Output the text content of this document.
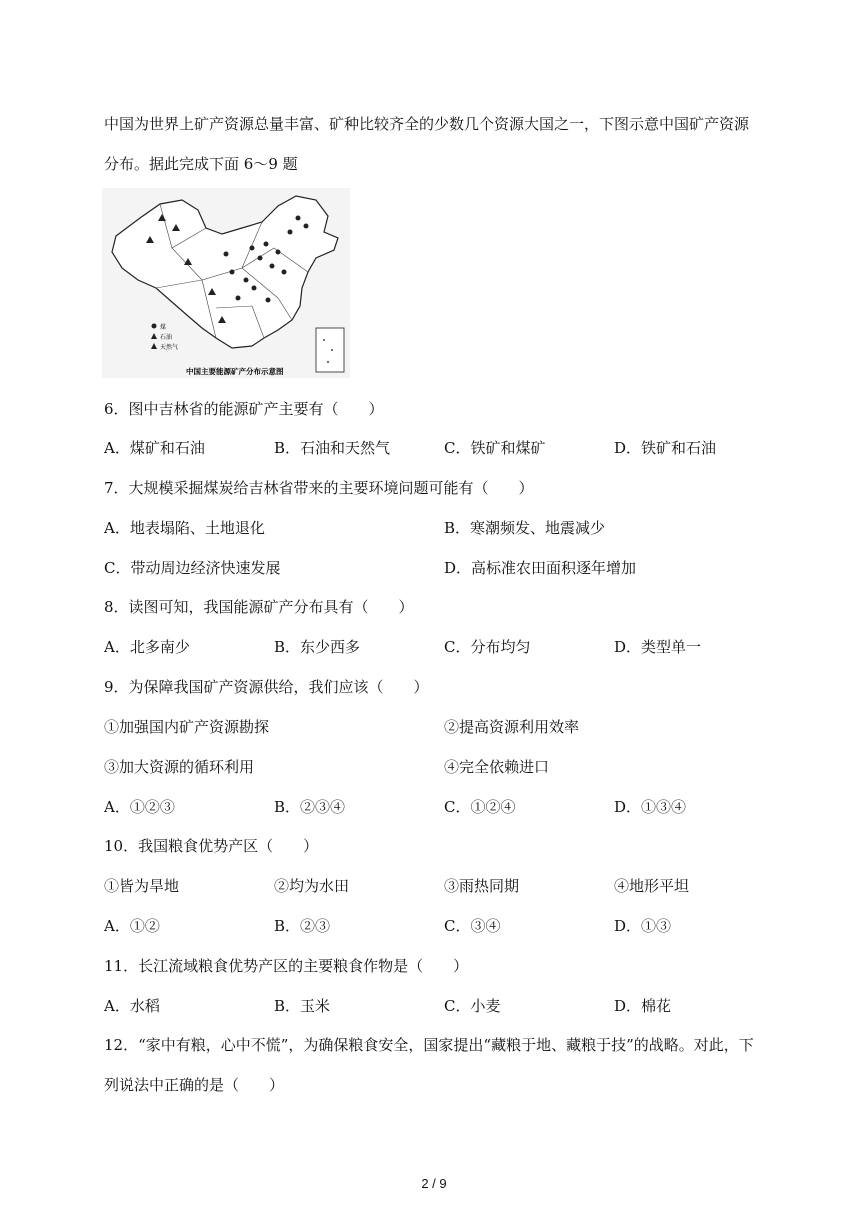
中国为世界上矿产资源总量丰富、矿种比较齐全的少数几个资源大国之一，下图示意中国矿产资源
分布。据此完成下面 6～9 题
煤
石油
天然气
中国主要能源矿产分布示意图
6．图中吉林省的能源矿产主要有（　　）
A．煤矿和石油	B．石油和天然气	C．铁矿和煤矿	D．铁矿和石油
7．大规模采掘煤炭给吉林省带来的主要环境问题可能有（　　）
A．地表塌陷、土地退化	B．寒潮频发、地震减少
C．带动周边经济快速发展	D．高标准农田面积逐年增加
8．读图可知，我国能源矿产分布具有（　　）
A．北多南少	B．东少西多	C．分布均匀	D．类型单一
9．为保障我国矿产资源供给，我们应该（　　）
①加强国内矿产资源勘探	②提高资源利用效率
③加大资源的循环利用	④完全依赖进口
A．①②③	B．②③④	C．①②④	D．①③④
10．我国粮食优势产区（　　）
①皆为旱地	②均为水田	③雨热同期	④地形平坦
A．①②	B．②③	C．③④	D．①③
11．长江流域粮食优势产区的主要粮食作物是（　　）
A．水稻	B．玉米	C．小麦	D．棉花
12．“家中有粮，心中不慌”，为确保粮食安全，国家提出“藏粮于地、藏粮于技”的战略。对此，下
列说法中正确的是（　　）
2 / 9
